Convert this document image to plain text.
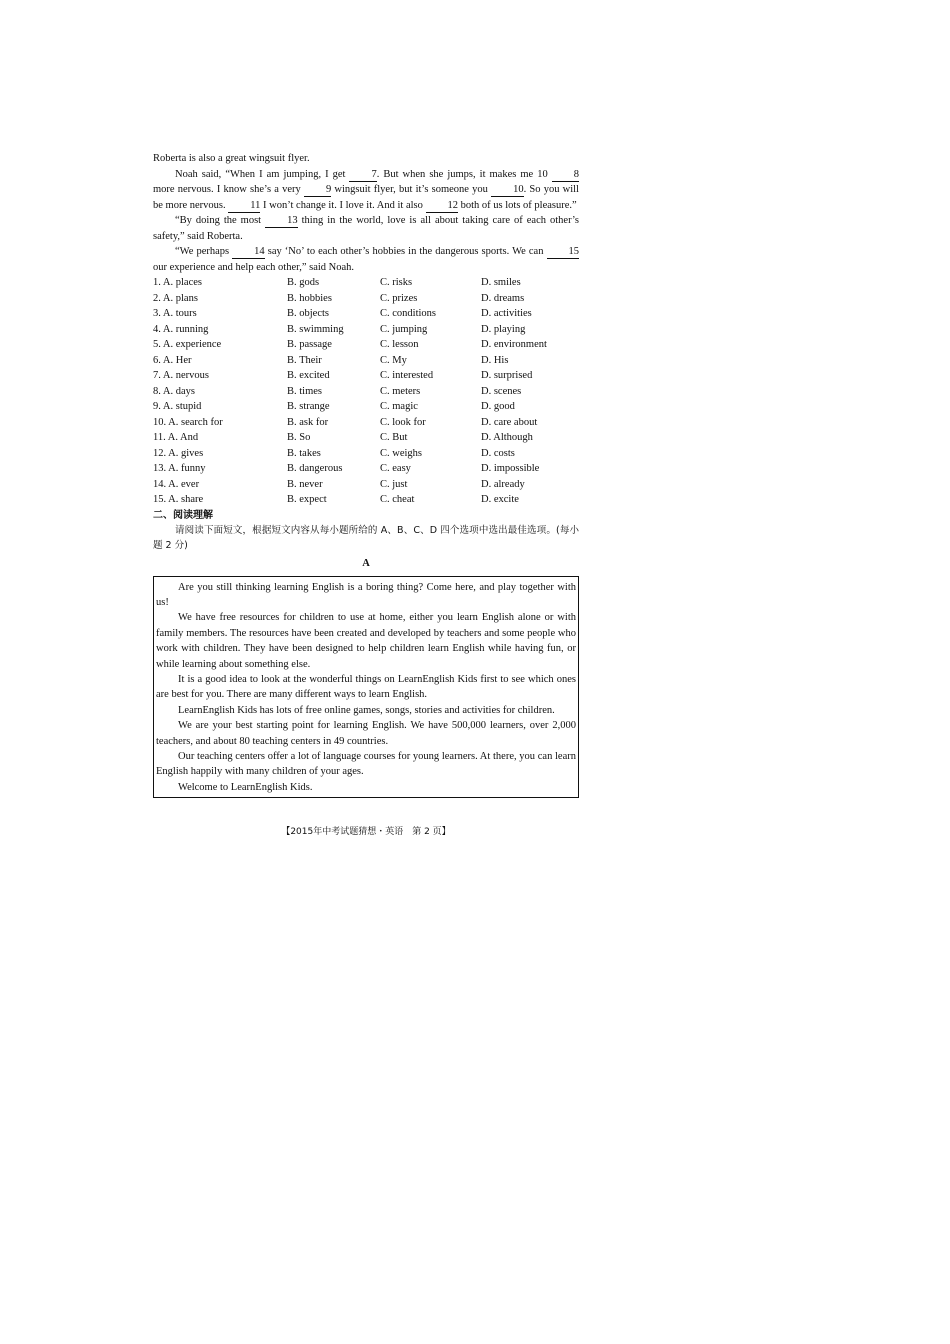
Roberta is also a great wingsuit flyer.

Noah said, “When I am jumping, I get 7. But when she jumps, it makes me 10 8 more nervous. I know she’s a very 9 wingsuit flyer, but it’s someone you 10. So you will be more nervous. 11 I won’t change it. I love it. And it also 12 both of us lots of pleasure.”

“By doing the most 13 thing in the world, love is all about taking care of each other’s safety,” said Roberta.

“We perhaps 14 say ‘No’ to each other’s hobbies in the dangerous sports. We can 15 our experience and help each other,” said Noah.

1. A. places	B. gods	C. risks	D. smiles
2. A. plans	B. hobbies	C. prizes	D. dreams
3. A. tours	B. objects	C. conditions	D. activities
4. A. running	B. swimming	C. jumping	D. playing
5. A. experience	B. passage	C. lesson	D. environment
6. A. Her	B. Their	C. My	D. His
7. A. nervous	B. excited	C. interested	D. surprised
8. A. days	B. times	C. meters	D. scenes
9. A. stupid	B. strange	C. magic	D. good
10. A. search for	B. ask for	C. look for	D. care about
11. A. And	B. So	C. But	D. Although
12. A. gives	B. takes	C. weighs	D. costs
13. A. funny	B. dangerous	C. easy	D. impossible
14. A. ever	B. never	C. just	D. already
15. A. share	B. expect	C. cheat	D. excite
二、阅读理解

请阅读下面短文，根据短文内容从每小题所给的 A、B、C、D 四个选项中选出最佳选项。(每小题 2 分)

A

Are you still thinking learning English is a boring thing? Come here, and play together with us!

We have free resources for children to use at home, either you learn English alone or with family members. The resources have been created and developed by teachers and some people who work with children. They have been designed to help children learn English while having fun, or while learning about something else.

It is a good idea to look at the wonderful things on LearnEnglish Kids first to see which ones are best for you. There are many different ways to learn English.

LearnEnglish Kids has lots of free online games, songs, stories and activities for children.

We are your best starting point for learning English. We have 500,000 learners, over 2,000 teachers, and about 80 teaching centers in 49 countries.

Our teaching centers offer a lot of language courses for young learners. At there, you can learn English happily with many children of your ages.

Welcome to LearnEnglish Kids.

【2015年中考试题猜想・英语　第 2 页】
